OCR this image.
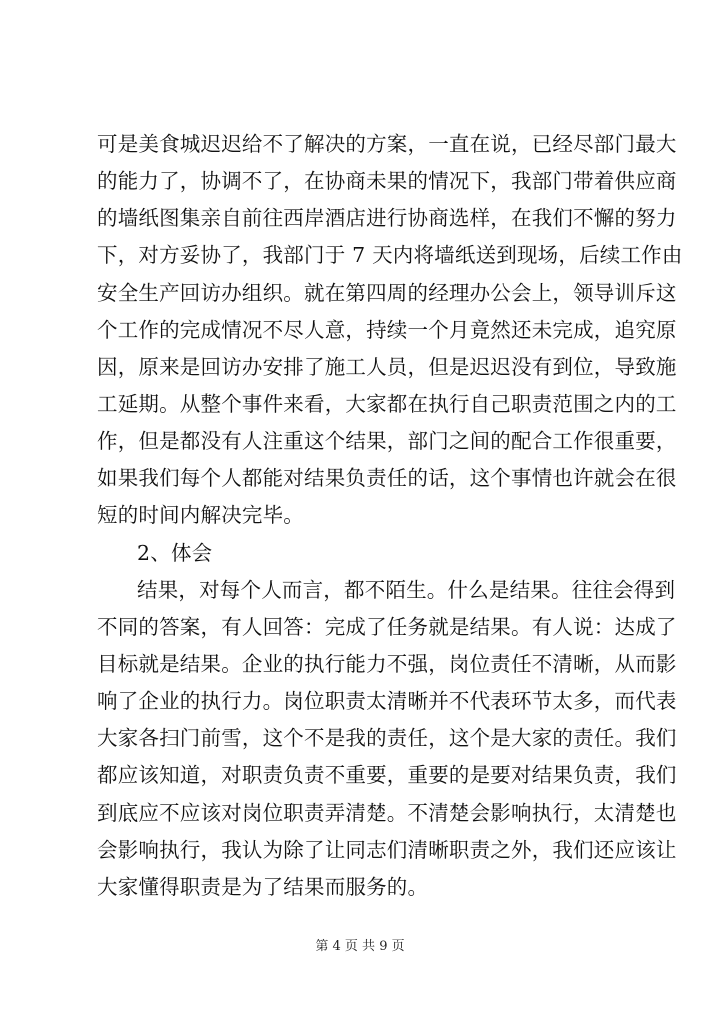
可是美食城迟迟给不了解决的方案，一直在说，已经尽部门最大
的能力了，协调不了，在协商未果的情况下，我部门带着供应商
的墙纸图集亲自前往西岸酒店进行协商选样，在我们不懈的努力
下，对方妥协了，我部门于 7 天内将墙纸送到现场，后续工作由
安全生产回访办组织。就在第四周的经理办公会上，领导训斥这
个工作的完成情况不尽人意，持续一个月竟然还未完成，追究原
因，原来是回访办安排了施工人员，但是迟迟没有到位，导致施
工延期。从整个事件来看，大家都在执行自己职责范围之内的工
作，但是都没有人注重这个结果，部门之间的配合工作很重要，
如果我们每个人都能对结果负责任的话，这个事情也许就会在很
短的时间内解决完毕。
2、体会
结果，对每个人而言，都不陌生。什么是结果。往往会得到
不同的答案，有人回答：完成了任务就是结果。有人说：达成了
目标就是结果。企业的执行能力不强，岗位责任不清晰，从而影
响了企业的执行力。岗位职责太清晰并不代表环节太多，而代表
大家各扫门前雪，这个不是我的责任，这个是大家的责任。我们
都应该知道，对职责负责不重要，重要的是要对结果负责，我们
到底应不应该对岗位职责弄清楚。不清楚会影响执行，太清楚也
会影响执行，我认为除了让同志们清晰职责之外，我们还应该让
大家懂得职责是为了结果而服务的。
第 4 页 共 9 页
